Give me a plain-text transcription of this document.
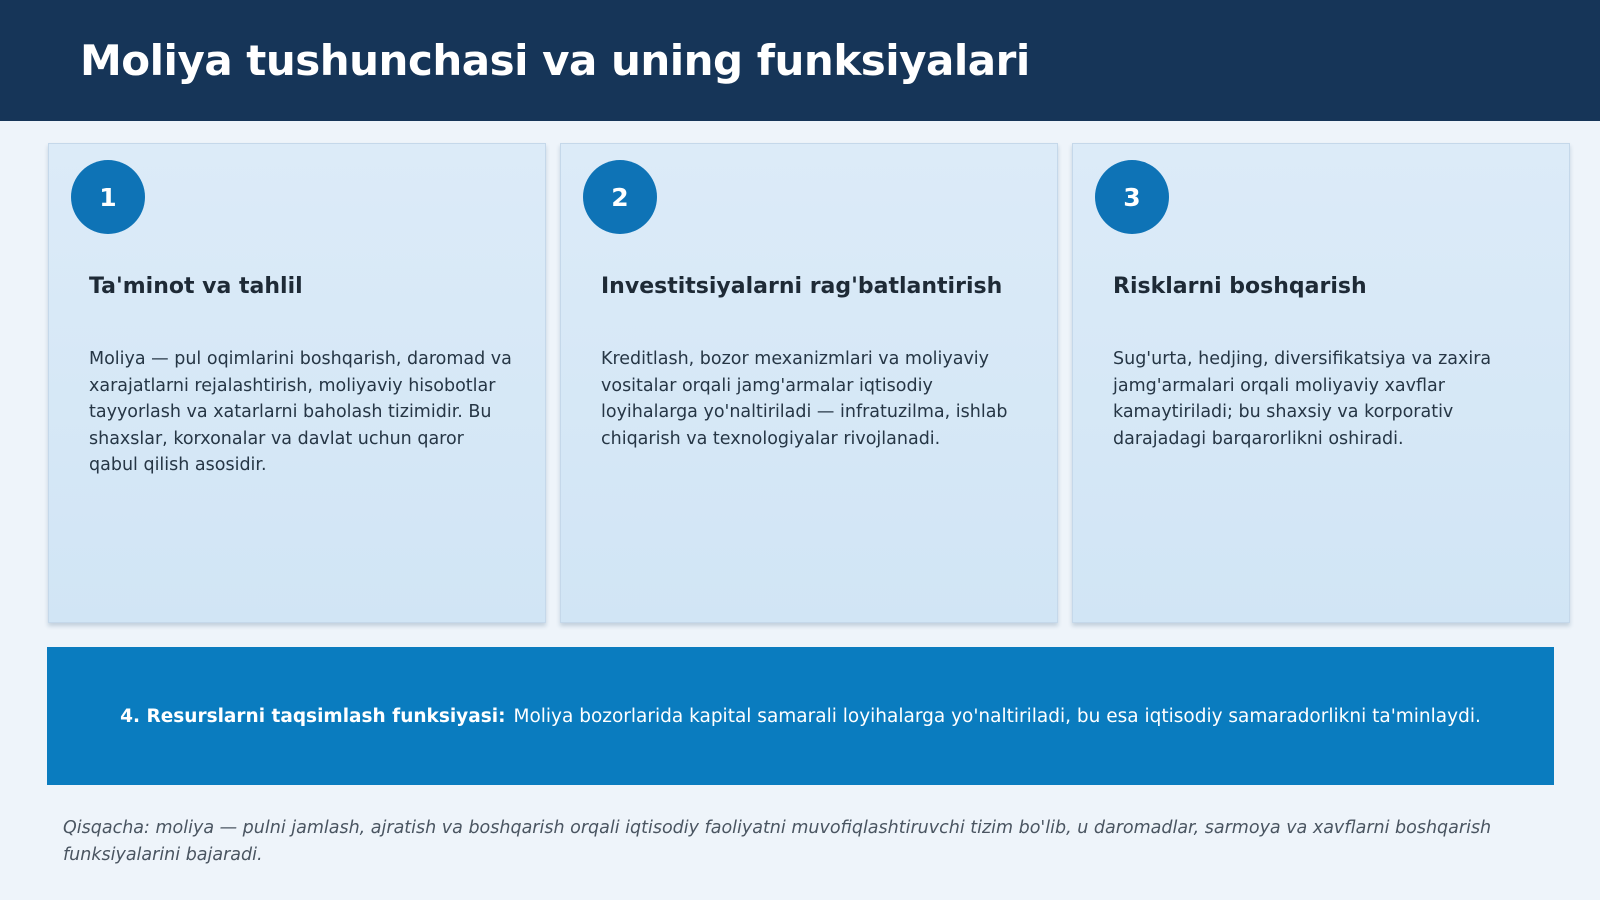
Moliya tushunchasi va uning funksiyalari
1
Ta'minot va tahlil

Moliya — pul oqimlarini boshqarish, daromad va xarajatlarni rejalashtirish, moliyaviy hisobotlar tayyorlash va xatarlarni baholash tizimidir. Bu shaxslar, korxonalar va davlat uchun qaror qabul qilish asosidir.

2
Investitsiyalarni rag'batlantirish

Kreditlash, bozor mexanizmlari va moliyaviy vositalar orqali jamg'armalar iqtisodiy loyihalarga yo'naltiriladi — infratuzilma, ishlab chiqarish va texnologiyalar rivojlanadi.

3
Risklarni boshqarish

Sug'urta, hedjing, diversifikatsiya va zaxira jamg'armalari orqali moliyaviy xavflar kamaytiriladi; bu shaxsiy va korporativ darajadagi barqarorlikni oshiradi.

4. Resurslarni taqsimlash funksiyasi: Moliya bozorlarida kapital samarali loyihalarga yo'naltiriladi, bu esa iqtisodiy samaradorlikni ta'minlaydi.
Qisqacha: moliya — pulni jamlash, ajratish va boshqarish orqali iqtisodiy faoliyatni muvofiqlashtiruvchi tizim bo'lib, u daromadlar, sarmoya va xavflarni boshqarish funksiyalarini bajaradi.
